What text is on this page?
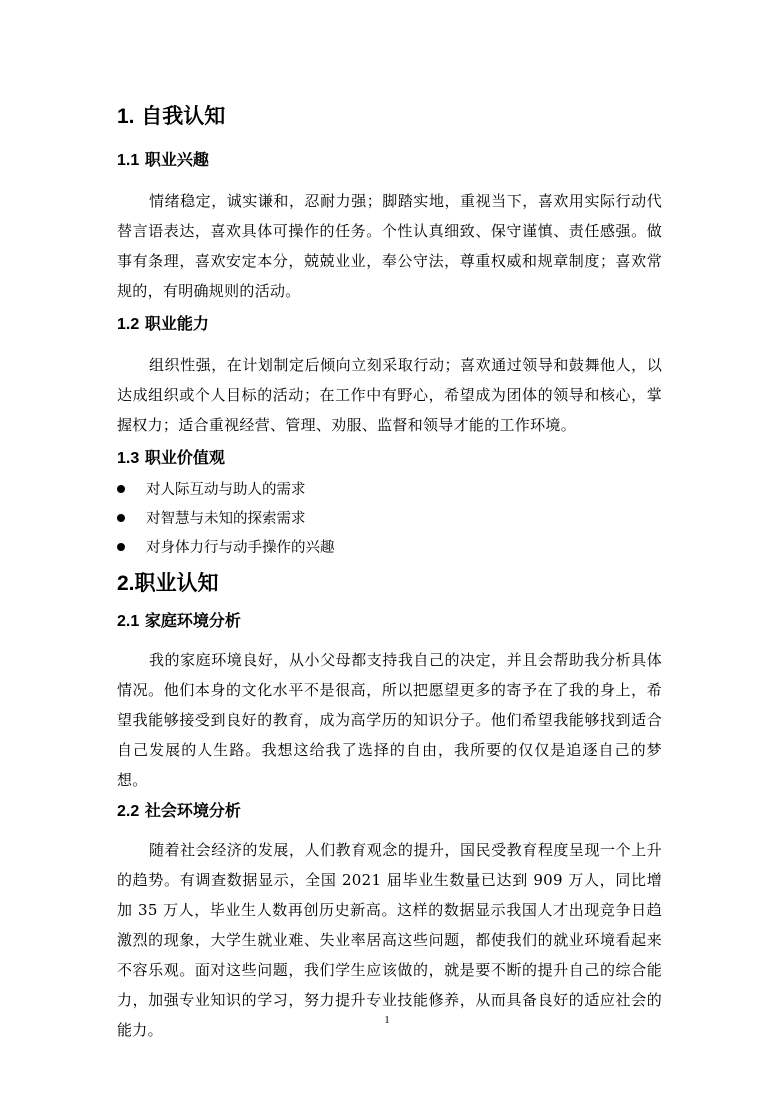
1. 自我认知
1.1 职业兴趣

情绪稳定，诚实谦和，忍耐力强；脚踏实地，重视当下，喜欢用实际行动代替言语表达，喜欢具体可操作的任务。个性认真细致、保守谨慎、责任感强。做事有条理，喜欢安定本分，兢兢业业，奉公守法，尊重权威和规章制度；喜欢常规的，有明确规则的活动。

1.2 职业能力

组织性强，在计划制定后倾向立刻采取行动；喜欢通过领导和鼓舞他人，以达成组织或个人目标的活动；在工作中有野心，希望成为团体的领导和核心，掌握权力；适合重视经营、管理、劝服、监督和领导才能的工作环境。

1.3 职业价值观
对人际互动与助人的需求
对智慧与未知的探索需求
对身体力行与动手操作的兴趣
2.职业认知
2.1 家庭环境分析

我的家庭环境良好，从小父母都支持我自己的决定，并且会帮助我分析具体情况。他们本身的文化水平不是很高，所以把愿望更多的寄予在了我的身上，希望我能够接受到良好的教育，成为高学历的知识分子。他们希望我能够找到适合自己发展的人生路。我想这给我了选择的自由，我所要的仅仅是追逐自己的梦想。

2.2 社会环境分析

随着社会经济的发展，人们教育观念的提升，国民受教育程度呈现一个上升的趋势。有调查数据显示，全国 2021 届毕业生数量已达到 909 万人，同比增加 35 万人，毕业生人数再创历史新高。这样的数据显示我国人才出现竞争日趋激烈的现象，大学生就业难、失业率居高这些问题，都使我们的就业环境看起来不容乐观。面对这些问题，我们学生应该做的，就是要不断的提升自己的综合能力，加强专业知识的学习，努力提升专业技能修养，从而具备良好的适应社会的能力。

1
